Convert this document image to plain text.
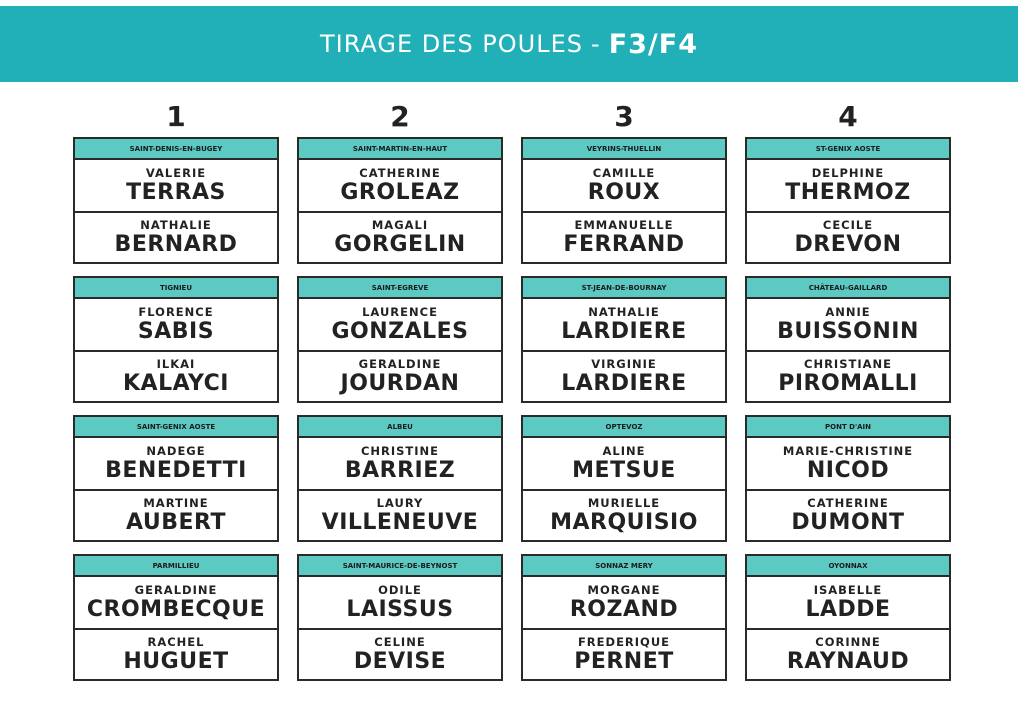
TIRAGE DES POULES - F3/F4
1	2	3	4
SAINT-DENIS-EN-BUGEY
VALERIE
TERRAS
NATHALIE
BERNARD
SAINT-MARTIN-EN-HAUT
CATHERINE
GROLEAZ
MAGALI
GORGELIN
VEYRINS-THUELLIN
CAMILLE
ROUX
EMMANUELLE
FERRAND
ST-GENIX AOSTE
DELPHINE
THERMOZ
CECILE
DREVON
TIGNIEU
FLORENCE
SABIS
ILKAI
KALAYCI
SAINT-EGREVE
LAURENCE
GONZALES
GERALDINE
JOURDAN
ST-JEAN-DE-BOURNAY
NATHALIE
LARDIERE
VIRGINIE
LARDIERE
CHÂTEAU-GAILLARD
ANNIE
BUISSONIN
CHRISTIANE
PIROMALLI
SAINT-GENIX AOSTE
NADEGE
BENEDETTI
MARTINE
AUBERT
ALBEU
CHRISTINE
BARRIEZ
LAURY
VILLENEUVE
OPTEVOZ
ALINE
METSUE
MURIELLE
MARQUISIO
PONT D'AIN
MARIE-CHRISTINE
NICOD
CATHERINE
DUMONT
PARMILLIEU
GERALDINE
CROMBECQUE
RACHEL
HUGUET
SAINT-MAURICE-DE-BEYNOST
ODILE
LAISSUS
CELINE
DEVISE
SONNAZ MERY
MORGANE
ROZAND
FREDERIQUE
PERNET
OYONNAX
ISABELLE
LADDE
CORINNE
RAYNAUD
